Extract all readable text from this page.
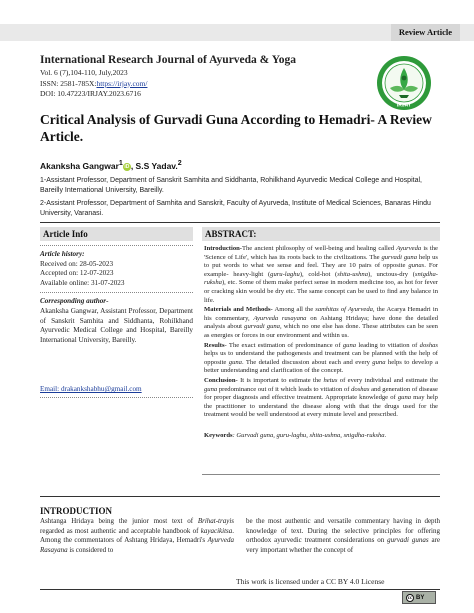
Review Article
International Research Journal of Ayurveda & Yoga
Vol. 6 (7),104-110, July,2023
ISSN: 2581-785X:https://irjay.com/
DOI: 10.47223/IRJAY.2023.6716
IRJAY
Critical Analysis of Gurvadi Guna According to Hemadri- A Review Article.
Akanksha Gangwar$^1$ iD , S.S Yadav.$^2$
1-Assistant Professor, Department of Sanskrit Samhita and Siddhanta, Rohilkhand Ayurvedic Medical College and Hospital, Bareilly International University, Bareilly.
2-Assistant Professor, Department of Samhita and Sanskrit, Faculty of Ayurveda, Institute of Medical Sciences, Banaras Hindu University, Varanasi.
Article Info
Article history:
Received on: 28-05-2023
Accepted on: 12-07-2023
Available online: 31-07-2023
Corresponding author-
Akanksha Gangwar, Assistant Professor, Department of Sanskrit Samhita and Siddhanta, Rohilkhand Ayurvedic Medical College and Hospital, Bareilly International University, Bareilly.
Email: drakankshabhu@gmail.com
ABSTRACT:

Introduction-The ancient philosophy of well-being and healing called Ayurveda is the 'Science of Life', which has its roots back to the civilizations. The gurvadi guna help us to put words to what we sense and feel. They are 10 pairs of opposite gunas. For example- heavy-light (guru-laghu), cold-hot (shita-ushna), unctous-dry (snigdha-ruksha), etc. Some of them make perfect sense in modern medicine too, as hot for fever or cracking skin would be dry etc. The same concept can be used to find any balance in life.

Materials and Methods- Among all the samhitas of Ayurveda, the Acarya Hemadri in his commentary, Ayurveda rasayana on Ashtang Hridaya; have done the detailed analysis about gurvadi guna, which no one else has done. These attributes can be seen as energies or forces in our environment and within us.

Results- The exact estimation of predominance of guna leading to vitiation of doshas helps us to understand the pathogenesis and treatment can be planned with the help of opposite guna. The detailed discussion about each and every guna helps to develop a better understanding and clarification of the concept.

Conclusion- It is important to estimate the hetus of every individual and estimate the guna predominance out of it which leads to vitiation of doshas and generation of disease for proper diagnosis and effective treatment. Appropriate knowledge of guna may help the practitioner to understand the disease along with that the drugs used for the treatment would be well understood at every minute level and prescribed.

Keywords: Gurvadi guna, guru-laghu, shita-ushna, snigdha-ruksha.

INTRODUCTION
Ashtanga Hridaya being the junior most text of Brihat-trayis regarded as most authentic and acceptable handbook of kayacikitsa. Among the commentators of Ashtang Hridaya, Hemadri's Ayurveda Rasayana is considered to
be the most authentic and versatile commentary having in depth knowledge of text. During the selective principles for offering orthodox ayurvedic treatment considerations on gurvadi gunas are very important whether the concept of
This work is licensed under a CC BY 4.0 License
cc BY
